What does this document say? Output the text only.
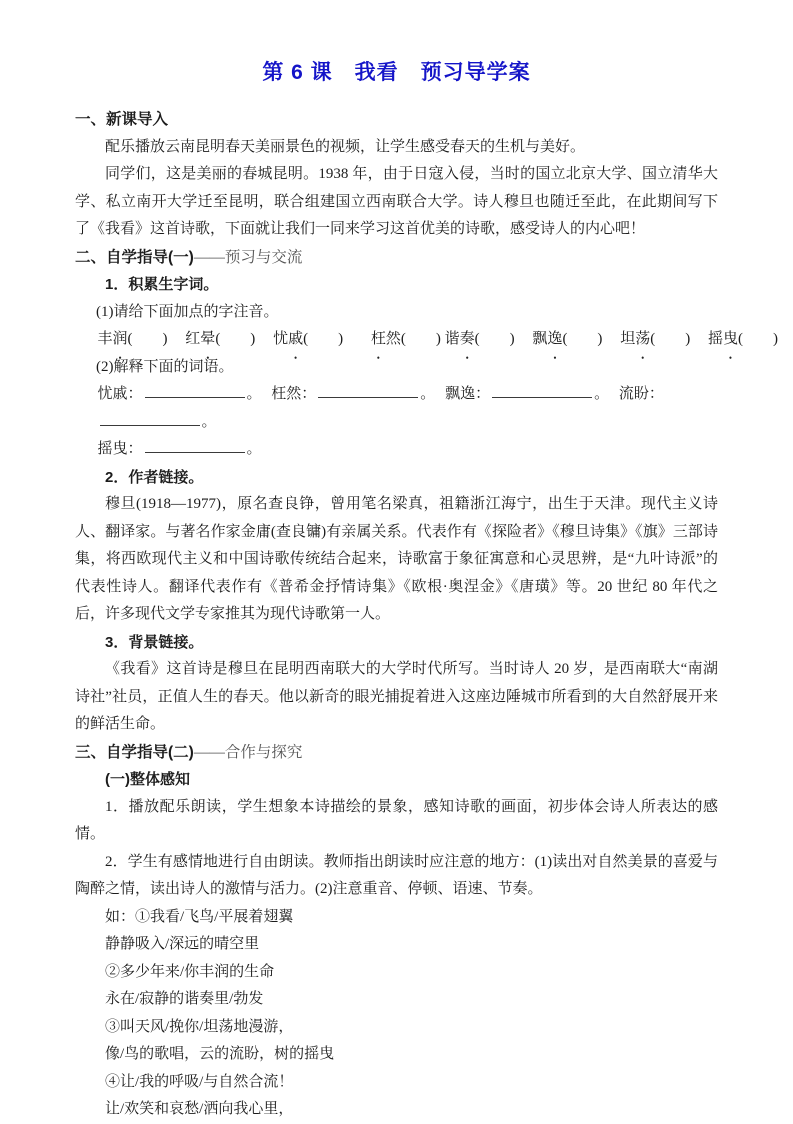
第 6 课　我看　预习导学案
一、新课导入
配乐播放云南昆明春天美丽景色的视频，让学生感受春天的生机与美好。
同学们，这是美丽的春城昆明。1938 年，由于日寇入侵，当时的国立北京大学、国立清华大学、私立南开大学迁至昆明，联合组建国立西南联合大学。诗人穆旦也随迁至此，在此期间写下了《我看》这首诗歌，下面就让我们一同来学习这首优美的诗歌，感受诗人的内心吧！
二、自学指导(一)——预习与交流
1．积累生字词。
(1)请给下面加点的字注音。
丰润(　　) 红晕(　　) 忧戚(　　) 枉然(　　) 谐奏(　　) 飘逸(　　) 坦荡(　　) 摇曳(　　)
(2)解释下面的词语。
忧戚：	。 枉然：	。 飘逸：	。 流盼：。
摇曳：	。
2．作者链接。
穆旦(1918—1977)，原名查良铮，曾用笔名梁真，祖籍浙江海宁，出生于天津。现代主义诗人、翻译家。与著名作家金庸(查良镛)有亲属关系。代表作有《探险者》《穆旦诗集》《旗》三部诗集，将西欧现代主义和中国诗歌传统结合起来，诗歌富于象征寓意和心灵思辨，是“九叶诗派”的代表性诗人。翻译代表作有《普希金抒情诗集》《欧根·奥涅金》《唐璜》等。20 世纪 80 年代之后，许多现代文学专家推其为现代诗歌第一人。
3．背景链接。
《我看》这首诗是穆旦在昆明西南联大的大学时代所写。当时诗人 20 岁，是西南联大“南湖诗社”社员，正值人生的春天。他以新奇的眼光捕捉着进入这座边陲城市所看到的大自然舒展开来的鲜活生命。
三、自学指导(二)——合作与探究
(一)整体感知
1．播放配乐朗读，学生想象本诗描绘的景象，感知诗歌的画面，初步体会诗人所表达的感情。
2．学生有感情地进行自由朗读。教师指出朗读时应注意的地方：(1)读出对自然美景的喜爱与陶醉之情，读出诗人的激情与活力。(2)注意重音、停顿、语速、节奏。
如：①我看/飞鸟/平展着翅翼
静静吸入/深远的晴空里
②多少年来/你丰润的生命
永在/寂静的谐奏里/勃发
③叫天风/挽你/坦荡地漫游，
像/鸟的歌唱，云的流盼，树的摇曳
④让/我的呼吸/与自然合流！
让/欢笑和哀愁/洒向我心里，
